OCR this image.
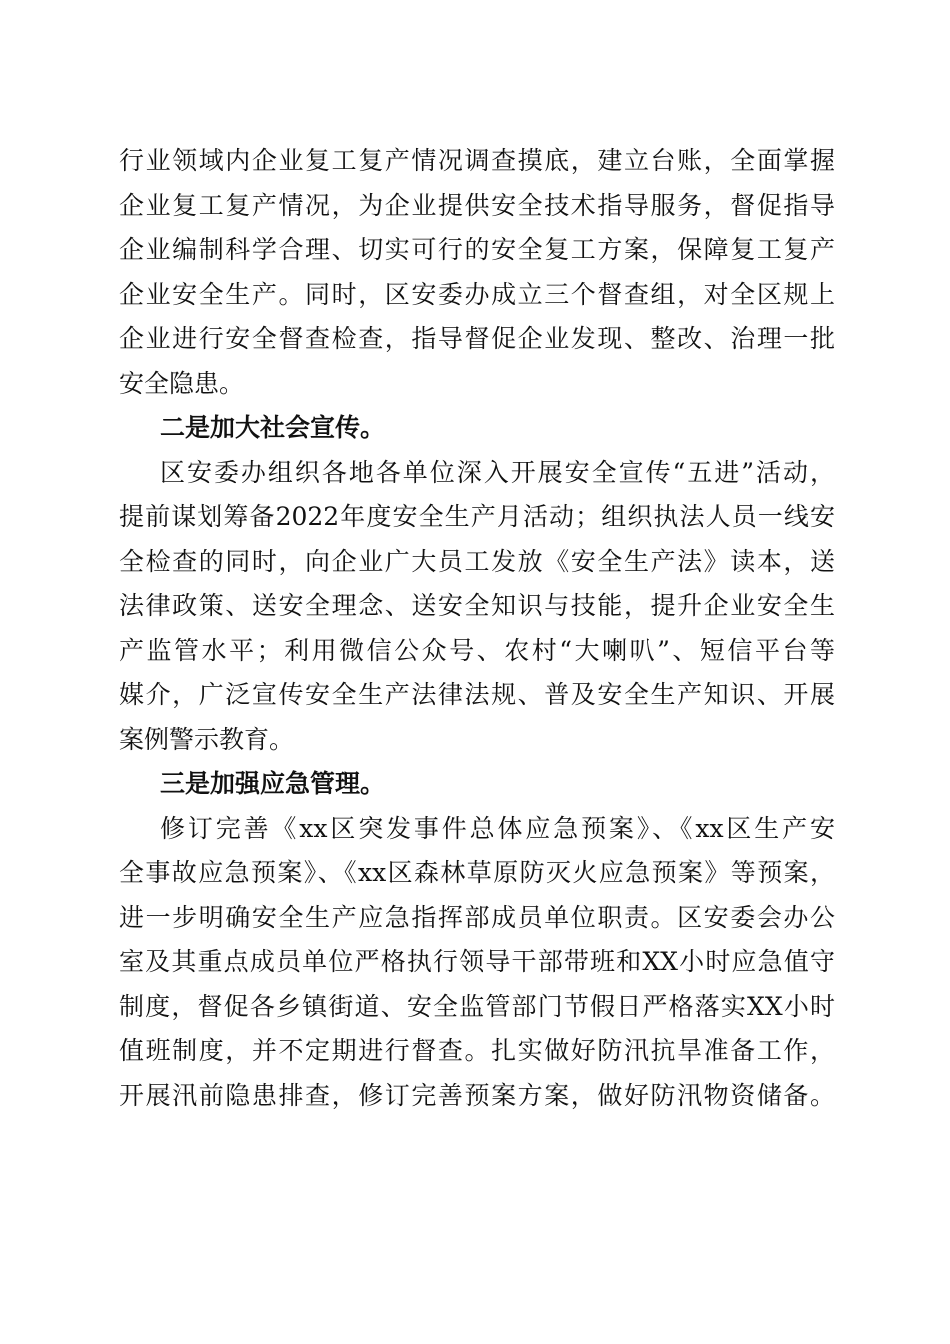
行业领域内企业复工复产情况调查摸底，建立台账，全面掌握
企业复工复产情况，为企业提供安全技术指导服务，督促指导
企业编制科学合理、切实可行的安全复工方案，保障复工复产
企业安全生产。同时，区安委办成立三个督查组，对全区规上
企业进行安全督查检查，指导督促企业发现、整改、治理一批
安全隐患。
二是加大社会宣传。
区安委办组织各地各单位深入开展安全宣传“五进”活动，
提前谋划筹备2022年度安全生产月活动；组织执法人员一线安
全检查的同时，向企业广大员工发放《安全生产法》读本，送
法律政策、送安全理念、送安全知识与技能，提升企业安全生
产监管水平；利用微信公众号、农村“大喇叭”、短信平台等
媒介，广泛宣传安全生产法律法规、普及安全生产知识、开展
案例警示教育。
三是加强应急管理。
修订完善《xx区突发事件总体应急预案》、《xx区生产安
全事故应急预案》、《xx区森林草原防灭火应急预案》等预案，
进一步明确安全生产应急指挥部成员单位职责。区安委会办公
室及其重点成员单位严格执行领导干部带班和XX小时应急值守
制度，督促各乡镇街道、安全监管部门节假日严格落实XX小时
值班制度，并不定期进行督查。扎实做好防汛抗旱准备工作，
开展汛前隐患排查，修订完善预案方案，做好防汛物资储备。
